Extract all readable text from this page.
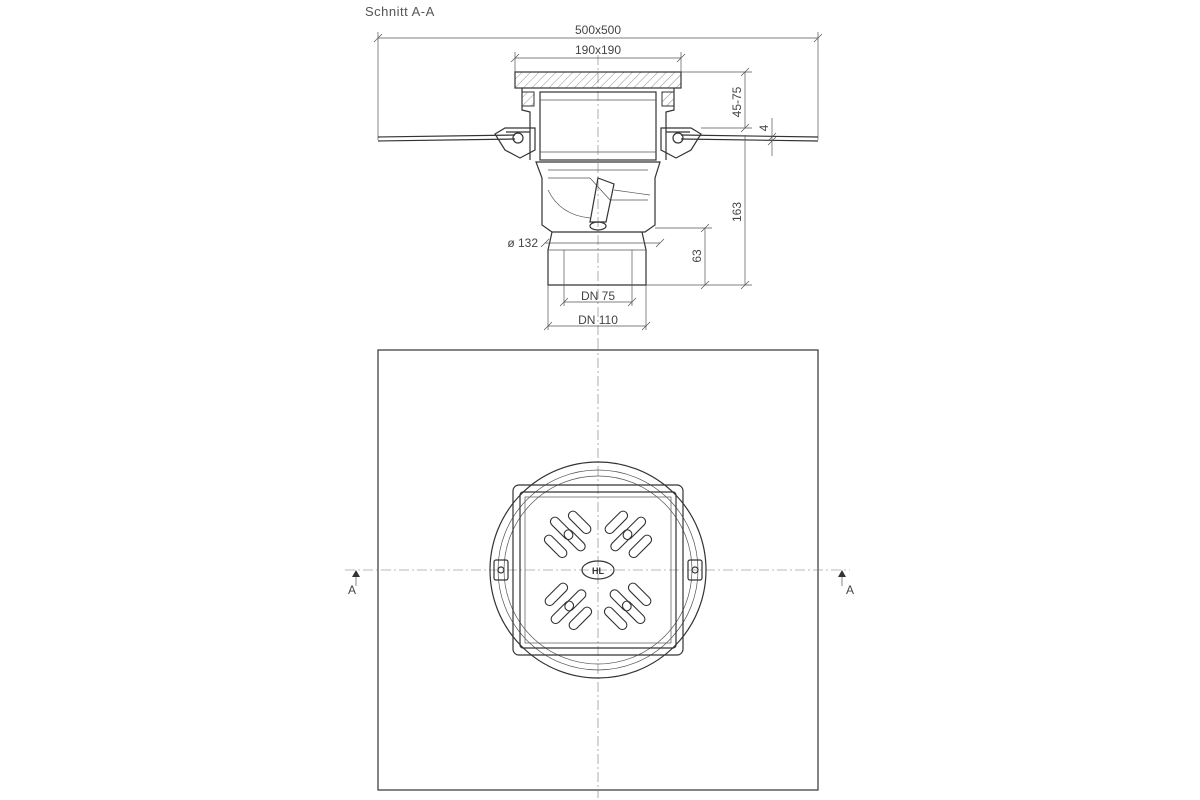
Schnitt A-A
500x500
190x190
45-75
163
4
63
ø 132
DN 75
DN 110
HL
A	A
